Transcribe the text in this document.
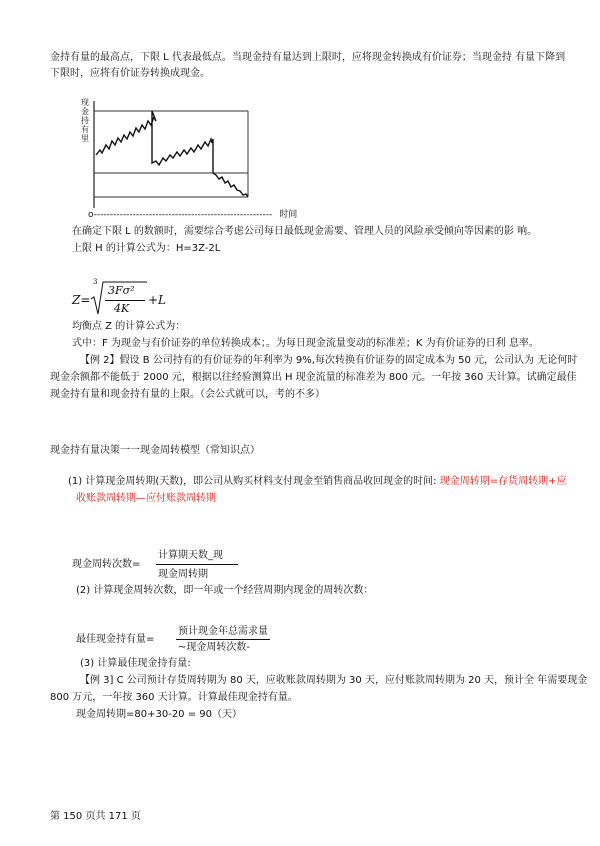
金持有量的最高点，下限 L 代表最低点。当现金持有量达到上限时，应将现金转换成有价证券；当现金持 有量下降到
下限时，应将有价证券转换成现金。
现金持有里
o------------------------------------------------------- 时间
在确定下限 L 的数额时，需要综合考虑公司每日最低现金需要、管理人员的风险承受倾向等因素的影 响。
上限 H 的计算公式为：H=3Z-2L
Z=
3
3Fσ²
4K
+L
均衡点 Z 的计算公式为：
式中：F 为现金与有价证券的单位转换成本；。为每日现金流量变动的标准差；K 为有价证券的日利 息率。
【例 2】假设 B 公司持有的有价证券的年利率为 9%,每次转换有价证券的固定成本为 50 元，公司认为 无论何时
现金余额都不能低于 2000 元，根据以往经验测算出 H 现金流量的标准差为 800 元。一年按 360 天计算。试确定最佳
现金持有量和现金持有量的上限。（会公式就可以，考的不多）
现金持有量决策一一现金周转模型（常知识点）
(1) 计算现金周转期(天数)，即公司从购买材料支付现金至销售商品收回现金的时间: 现金周转期=存货周转期+应
收账款周转期—应付账款周转期
现金周转次数=
计算期天数_现
现金周转期
(2) 计算现金周转次数，即一年或一个经营周期内现金的周转次数：
最佳现金持有量=
预计现金年总需求量
~现金周转次数-
(3) 计算最佳现金持有量:
【例 3] C 公司预计存货周转期为 80 天，应收账款周转期为 30 天，应付账款周转期为 20 天，预计全 年需要现金
800 万元，一年按 360 天计算。计算最佳现金持有量。
现金周转期=80+30-20 = 90（天）
第 150 页共 171 页
